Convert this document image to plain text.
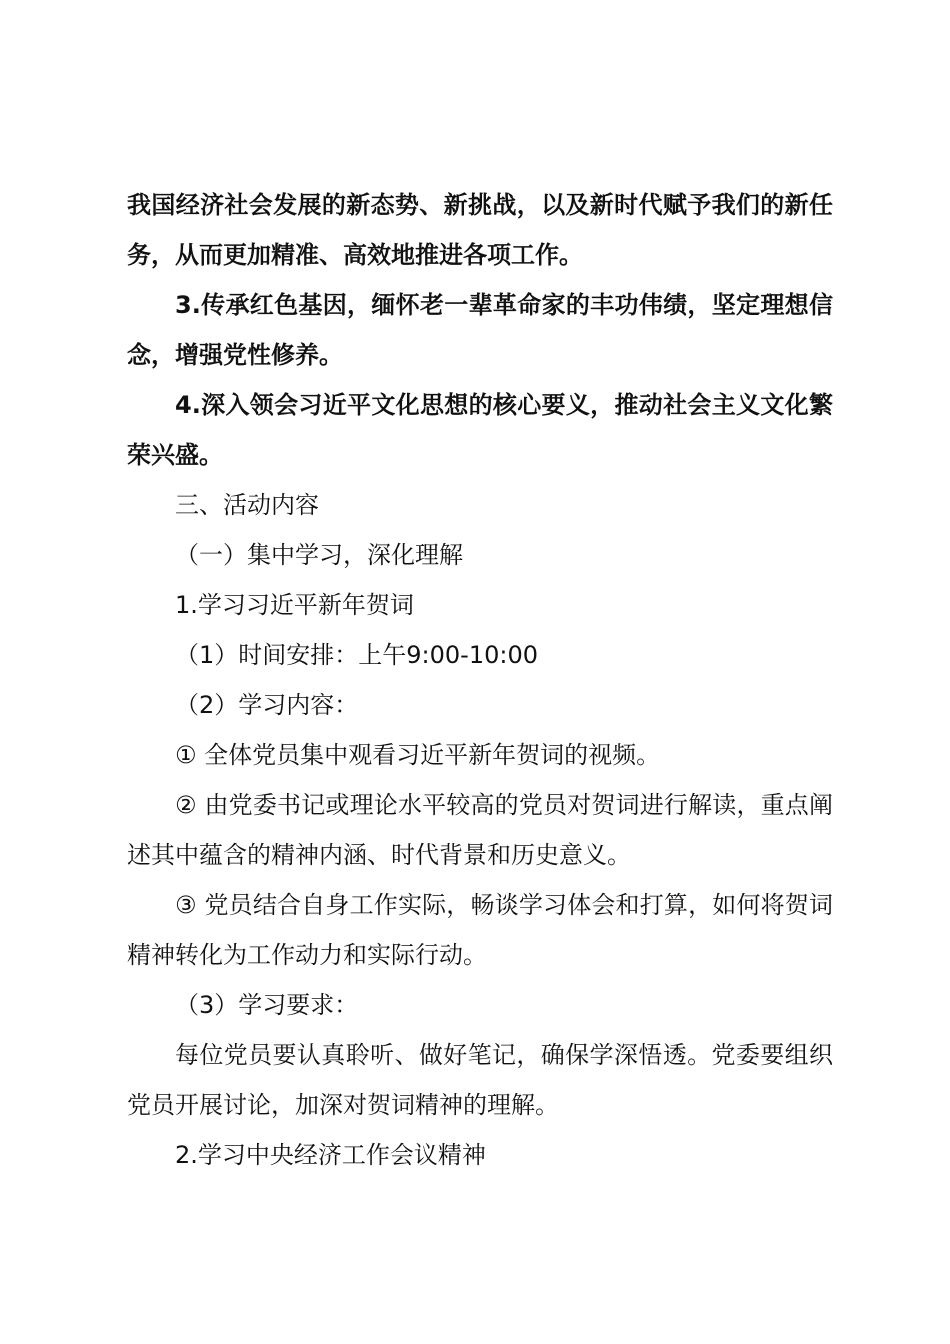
我国经济社会发展的新态势、新挑战，以及新时代赋予我们的新任务，从而更加精准、高效地推进各项工作。

3.传承红色基因，缅怀老一辈革命家的丰功伟绩，坚定理想信念，增强党性修养。

4.深入领会习近平文化思想的核心要义，推动社会主义文化繁荣兴盛。

三、活动内容

（一）集中学习，深化理解

1.学习习近平新年贺词

（1）时间安排：上午9:00-10:00

（2）学习内容：

① 全体党员集中观看习近平新年贺词的视频。

② 由党委书记或理论水平较高的党员对贺词进行解读，重点阐述其中蕴含的精神内涵、时代背景和历史意义。

③ 党员结合自身工作实际，畅谈学习体会和打算，如何将贺词精神转化为工作动力和实际行动。

（3）学习要求：

每位党员要认真聆听、做好笔记，确保学深悟透。党委要组织党员开展讨论，加深对贺词精神的理解。

2.学习中央经济工作会议精神
